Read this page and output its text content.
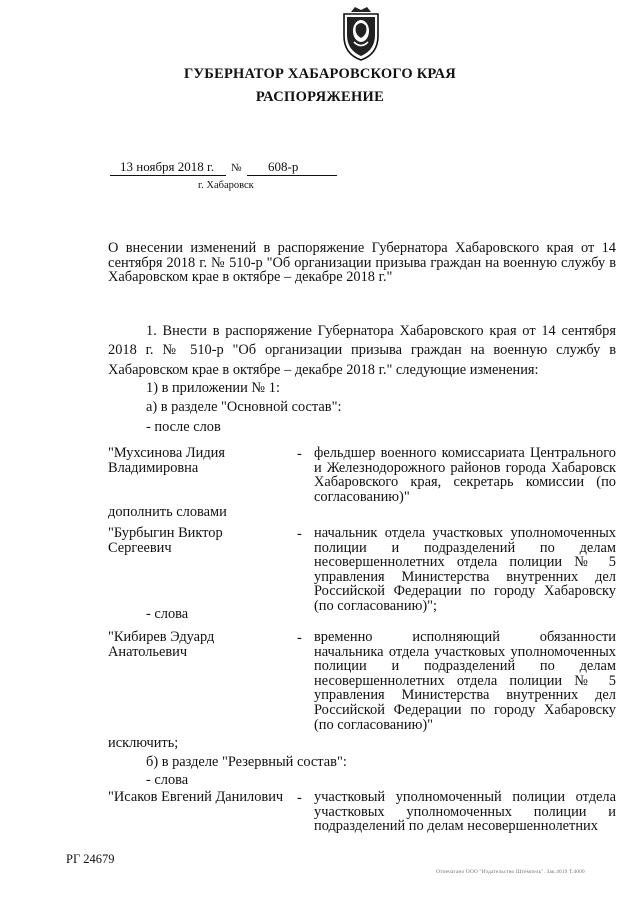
ГУБЕРНАТОР ХАБАРОВСКОГО КРАЯ
РАСПОРЯЖЕНИЕ
13 ноября 2018 г. № 608-р
г. Хабаровск
О внесении изменений в распоряжение Губернатора Хабаровского края от 14 сентября 2018 г. № 510-р "Об организации призыва граждан на военную службу в Хабаровском крае в октябре – декабре 2018 г."
1. Внести в распоряжение Губернатора Хабаровского края от 14 сентября 2018 г. № 510-р "Об организации призыва граждан на военную службу в Хабаровском крае в октябре – декабре 2018 г." следующие изменения:
1) в приложении № 1:
а) в разделе "Основной состав":
- после слов
"Мухсинова Лидия Владимировна
- фельдшер военного комиссариата Центрального и Железнодорожного районов города Хабаровск Хабаровского края, секретарь комиссии (по согласованию)"
дополнить словами
"Бурбыгин Виктор Сергеевич
- начальник отдела участковых уполномоченных полиции и подразделений по делам несовершеннолетних отдела полиции № 5 управления Министерства внутренних дел Российской Федерации по городу Хабаровску (по согласованию)";
- слова
"Кибирев Эдуард Анатольевич
- временно исполняющий обязанности начальника отдела участковых уполномоченных полиции и подразделений по делам несовершеннолетних отдела полиции № 5 управления Министерства внутренних дел Российской Федерации по городу Хабаровску (по согласованию)"
исключить;
б) в разделе "Резервный состав":
- слова
"Исаков Евгений Данилович - участковый уполномоченный полиции отдела участковых уполномоченных полиции и подразделений по делам несовершеннолетних
РГ 24679
Отпечатано ООО "Издательство Штемпель". Зак.4619 Т.4000
